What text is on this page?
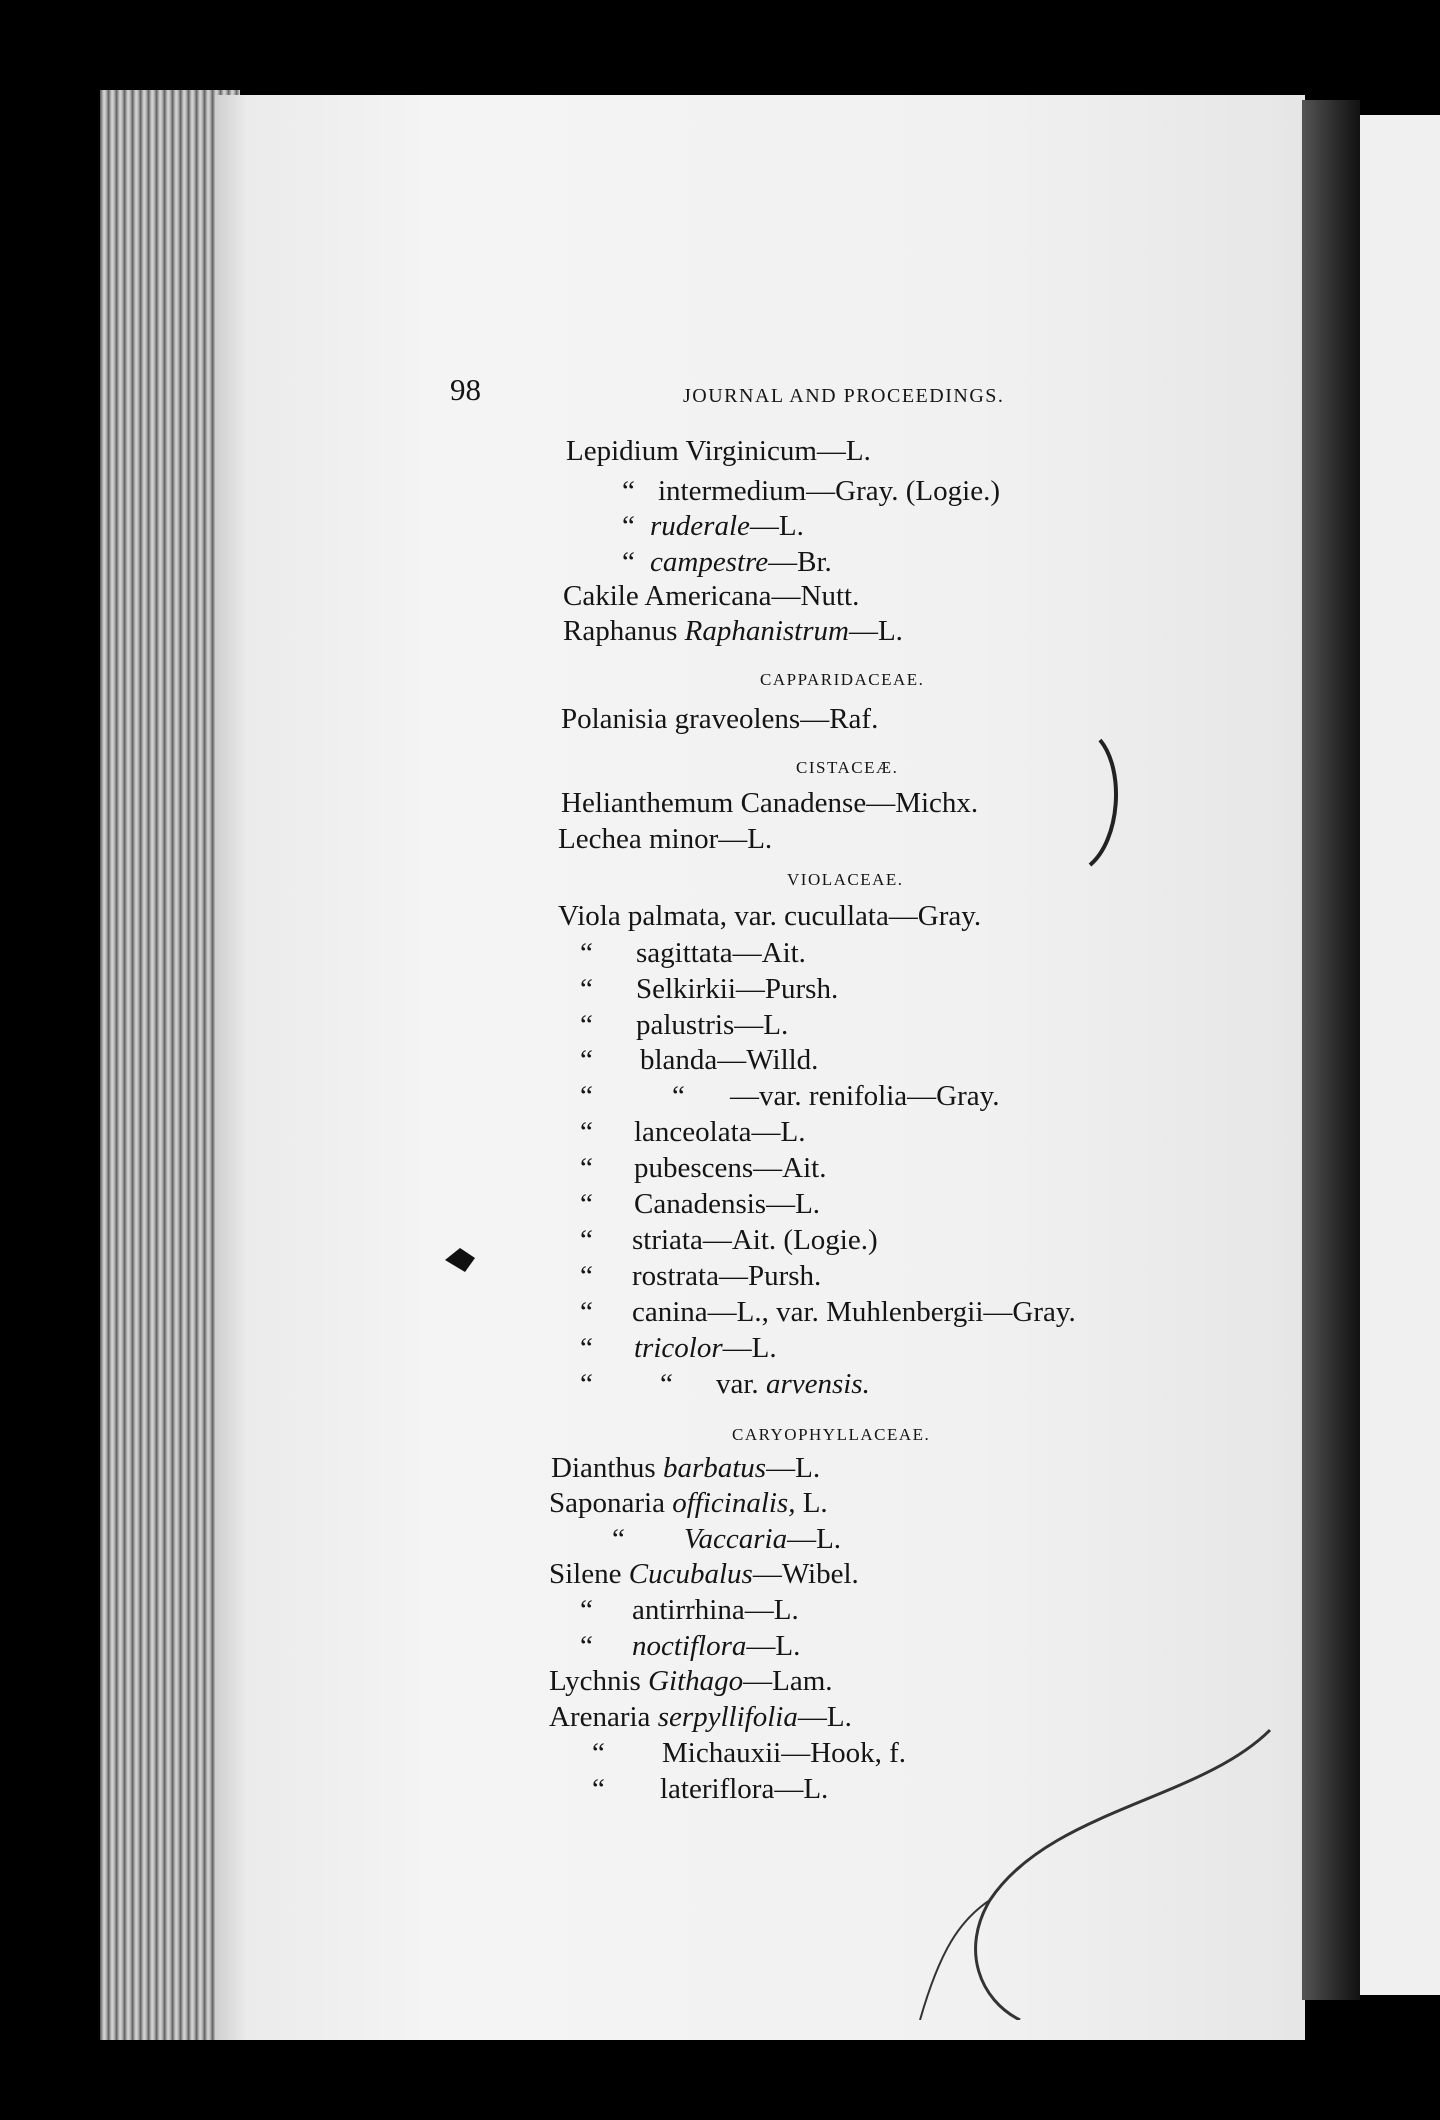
98	JOURNAL AND PROCEEDINGS.
Lepidium Virginicum—L.
“ intermedium—Gray. (Logie.)
“ ruderale—L.
“ campestre—Br.
Cakile Americana—Nutt.
Raphanus Raphanistrum—L.
CAPPARIDACEAE.
Polanisia graveolens—Raf.
CISTACEÆ.
Helianthemum Canadense—Michx.
Lechea minor—L.
VIOLACEAE.
Viola palmata, var. cucullata—Gray.
“ sagittata—Ait.
“ Selkirkii—Pursh.
“ palustris—L.
“ blanda—Willd.
“	“ —var. renifolia—Gray.
“ lanceolata—L.
“ pubescens—Ait.
“ Canadensis—L.
“ striata—Ait. (Logie.)
“ rostrata—Pursh.
“ canina—L., var. Muhlenbergii—Gray.
“ tricolor—L.
“ “ var. arvensis.
CARYOPHYLLACEAE.
Dianthus barbatus—L.
Saponaria officinalis, L.
“ Vaccaria—L.
Silene Cucubalus—Wibel.
“ antirrhina—L.
“ noctiflora—L.
Lychnis Githago—Lam.
Arenaria serpyllifolia—L.
“ Michauxii—Hook, f.
“ lateriflora—L.
